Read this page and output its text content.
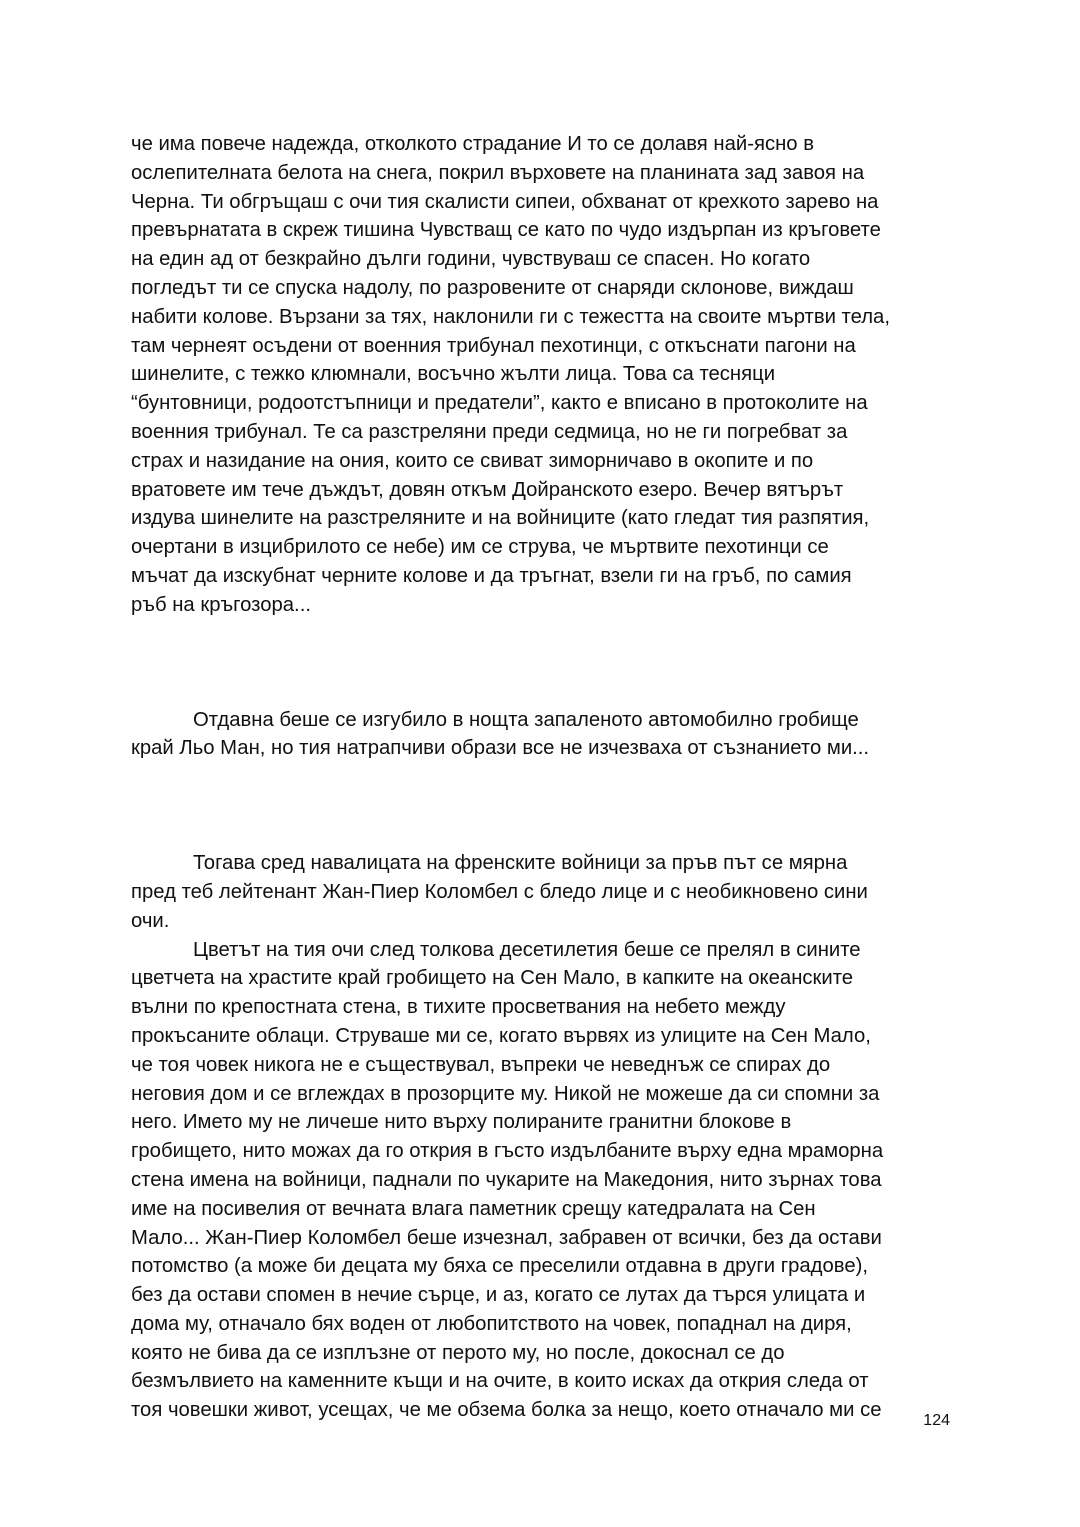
че има повече надежда, отколкото страдание И то се долавя най-ясно в
ослепителната белота на снега, покрил върховете на планината зад завоя на
Черна. Ти обгръщаш с очи тия скалисти сипеи, обхванат от крехкото зарево на
превърнатата в скреж тишина Чувстващ се като по чудо издърпан из кръговете
на един ад от безкрайно дълги години, чувствуваш се спасен. Но когато
погледът ти се спуска надолу, по разровените от снаряди склонове, виждаш
набити колове. Вързани за тях, наклонили ги с тежестта на своите мъртви тела,
там чернеят осъдени от военния трибунал пехотинци, с откъснати пагони на
шинелите, с тежко клюмнали, восъчно жълти лица. Това са тесняци
“бунтовници, родоотстъпници и предатели”, както е вписано в протоколите на
военния трибунал. Те са разстреляни преди седмица, но не ги погребват за
страх и назидание на ония, които се свиват зиморничаво в окопите и по
вратовете им тече дъждът, довян откъм Дойранското езеро. Вечер вятърът
издува шинелите на разстреляните и на войниците (като гледат тия разпятия,
очертани в изцибрилото се небе) им се струва, че мъртвите пехотинци се
мъчат да изскубнат черните колове и да тръгнат, взели ги на гръб, по самия
ръб на кръгозора...

Отдавна беше се изгубило в нощта запаленото автомобилно гробище
край Льо Ман, но тия натрапчиви образи все не изчезваха от съзнанието ми...

Тогава сред навалицата на френските войници за пръв път се мярна
пред теб лейтенант Жан-Пиер Коломбел с бледо лице и с необикновено сини
очи.

Цветът на тия очи след толкова десетилетия беше се прелял в сините
цветчета на храстите край гробището на Сен Мало, в капките на океанските
вълни по крепостната стена, в тихите просветвания на небето между
прокъсаните облаци. Струваше ми се, когато вървях из улиците на Сен Мало,
че тоя човек никога не е съществувал, въпреки че неведнъж се спирах до
неговия дом и се вглеждах в прозорците му. Никой не можеше да си спомни за
него. Името му не личеше нито върху полираните гранитни блокове в
гробището, нито можах да го открия в гъсто издълбаните върху една мраморна
стена имена на войници, паднали по чукарите на Македония, нито зърнах това
име на посивелия от вечната влага паметник срещу катедралата на Сен
Мало... Жан-Пиер Коломбел беше изчезнал, забравен от всички, без да остави
потомство (а може би децата му бяха се преселили отдавна в други градове),
без да остави спомен в нечие сърце, и аз, когато се лутах да търся улицата и
дома му, отначало бях воден от любопитството на човек, попаднал на диря,
която не бива да се изплъзне от перото му, но после, докоснал се до
безмълвието на каменните къщи и на очите, в които исках да открия следа от
тоя човешки живот, усещах, че ме обзема болка за нещо, което отначало ми се	124
